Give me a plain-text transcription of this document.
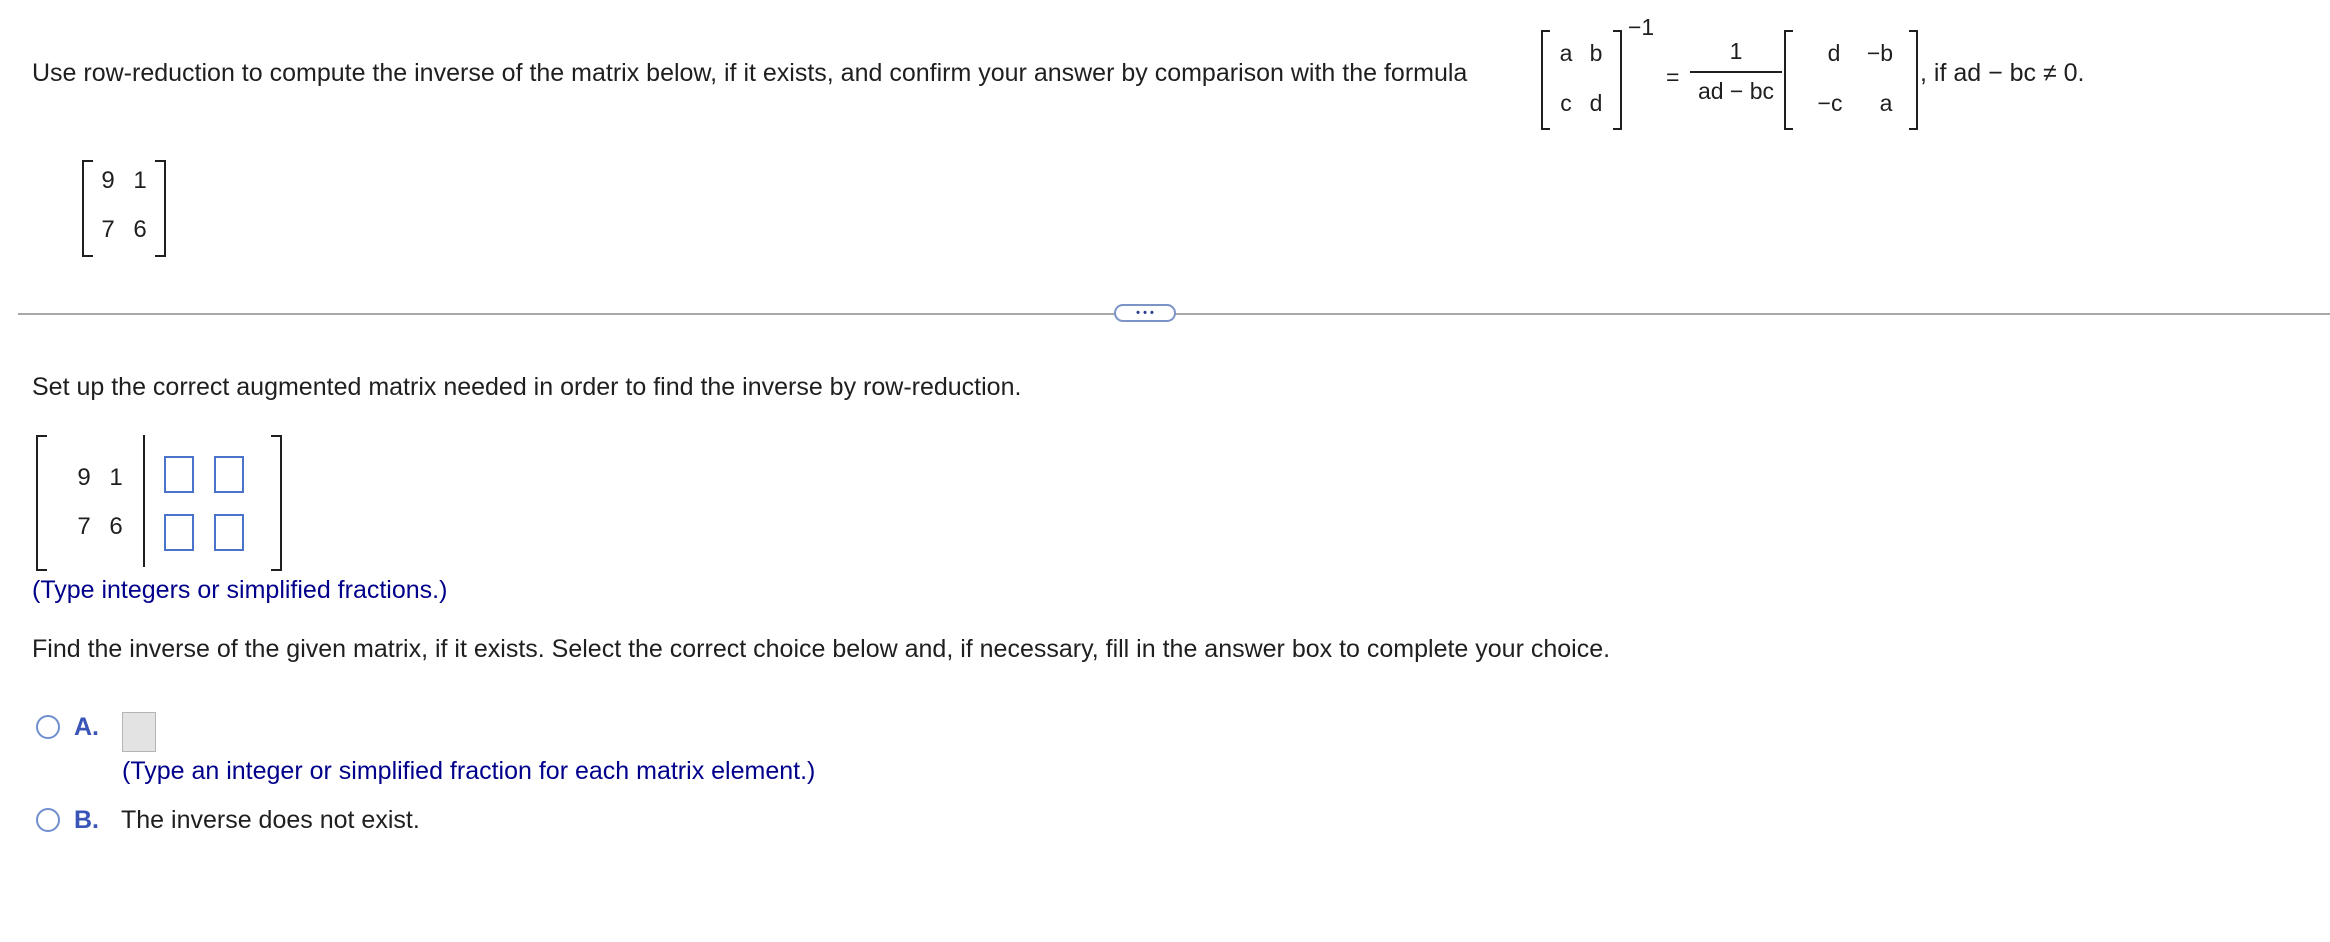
Use row-reduction to compute the inverse of the matrix below, if it exists, and confirm your answer by comparison with the formula
a b
c d
−1
=
1
ad − bc
d	−b
−c	a
, if ad − bc ≠ 0.
9 1
7 6
• • •
Set up the correct augmented matrix needed in order to find the inverse by row-reduction.
9 1
7 6
(Type integers or simplified fractions.)
Find the inverse of the given matrix, if it exists. Select the correct choice below and, if necessary, fill in the answer box to complete your choice.
A.
(Type an integer or simplified fraction for each matrix element.)
B. The inverse does not exist.
